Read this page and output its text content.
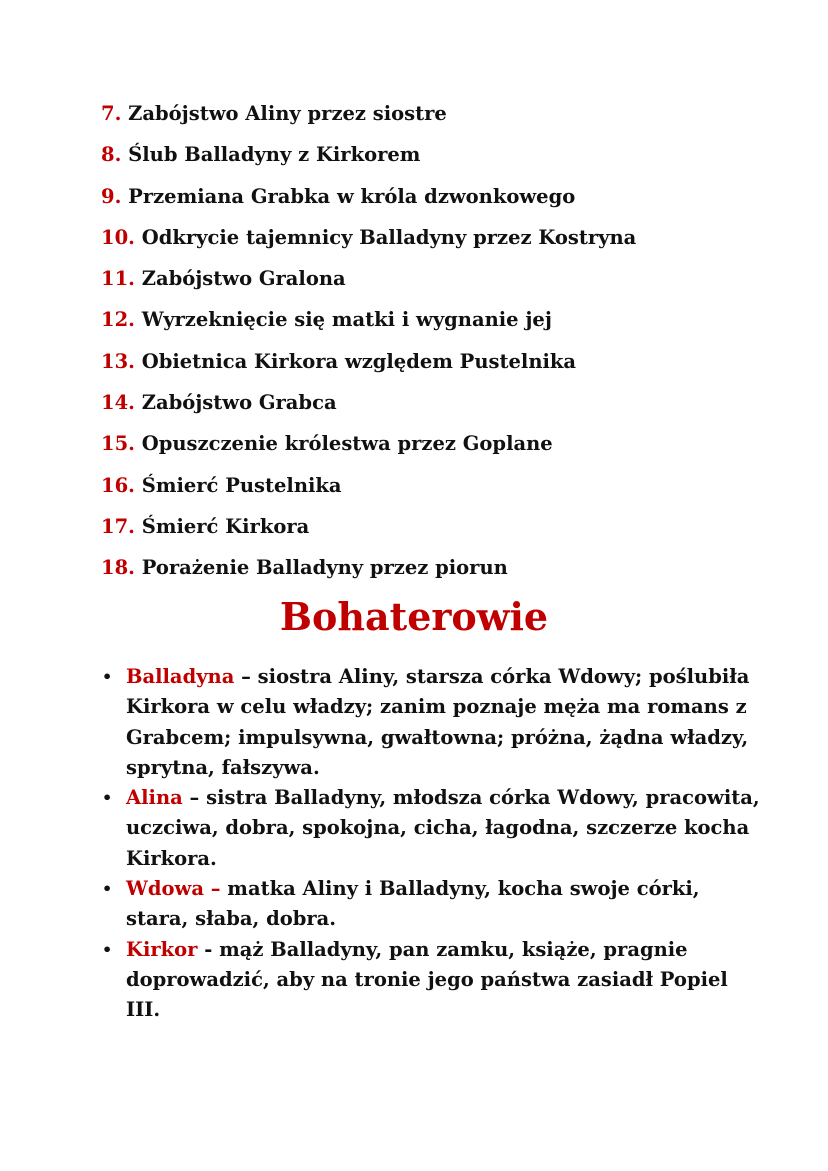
7. Zabójstwo Aliny przez siostre
8. Ślub Balladyny z Kirkorem
9. Przemiana Grabka w króla dzwonkowego
10. Odkrycie tajemnicy Balladyny przez Kostryna
11. Zabójstwo Gralona
12. Wyrzeknięcie się matki i wygnanie jej
13. Obietnica Kirkora względem Pustelnika
14. Zabójstwo Grabca
15. Opuszczenie królestwa przez Goplane
16. Śmierć Pustelnika
17. Śmierć Kirkora
18. Porażenie Balladyny przez piorun
Bohaterowie
• Balladyna – siostra Aliny, starsza córka Wdowy; poślubiła Kirkora w celu władzy; zanim poznaje męża ma romans z Grabcem; impulsywna, gwałtowna; próżna, żądna władzy, sprytna, fałszywa.
• Alina – sistra Balladyny, młodsza córka Wdowy, pracowita, uczciwa, dobra, spokojna, cicha, łagodna, szczerze kocha Kirkora.
• Wdowa – matka Aliny i Balladyny, kocha swoje córki, stara, słaba, dobra.
• Kirkor - mąż Balladyny, pan zamku, książe, pragnie doprowadzić, aby na tronie jego państwa zasiadł Popiel III.
